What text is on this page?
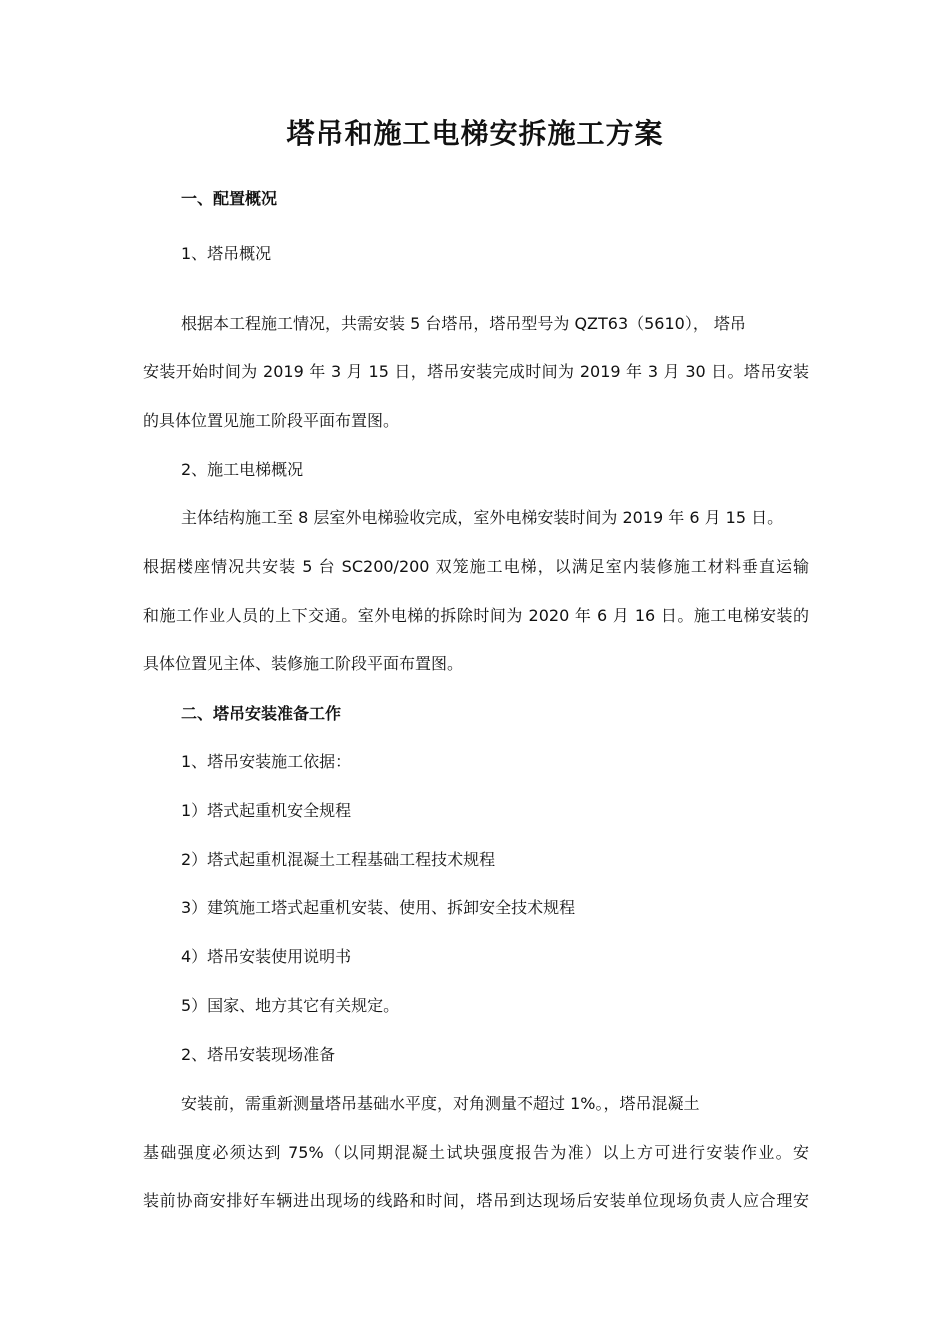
塔吊和施工电梯安拆施工方案
一、配置概况
1、塔吊概况
根据本工程施工情况，共需安装 5 台塔吊，塔吊型号为 QZT63（5610）， 塔吊
安装开始时间为 2019 年 3 月 15 日，塔吊安装完成时间为 2019 年 3 月 30 日。塔吊安装
的具体位置见施工阶段平面布置图。
2、施工电梯概况
主体结构施工至 8 层室外电梯验收完成，室外电梯安装时间为 2019 年 6 月 15 日。
根据楼座情况共安装 5 台 SC200/200 双笼施工电梯，以满足室内装修施工材料垂直运输
和施工作业人员的上下交通。室外电梯的拆除时间为 2020 年 6 月 16 日。施工电梯安装的
具体位置见主体、装修施工阶段平面布置图。
二、塔吊安装准备工作
1、塔吊安装施工依据：
1）塔式起重机安全规程
2）塔式起重机混凝土工程基础工程技术规程
3）建筑施工塔式起重机安装、使用、拆卸安全技术规程
4）塔吊安装使用说明书
5）国家、地方其它有关规定。
2、塔吊安装现场准备
安装前，需重新测量塔吊基础水平度，对角测量不超过 1%。，塔吊混凝土
基础强度必须达到 75%（以同期混凝土试块强度报告为准）以上方可进行安装作业。安
装前协商安排好车辆进出现场的线路和时间，塔吊到达现场后安装单位现场负责人应合理安
